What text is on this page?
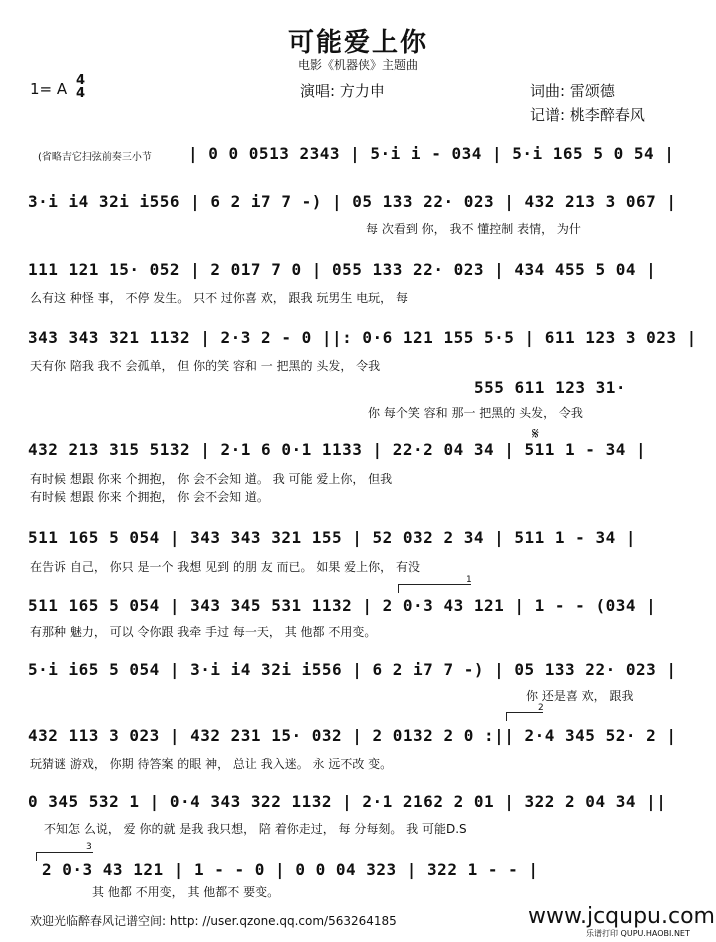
可能爱上你
电影《机器侠》主题曲
1= A 4
4	演唱: 方力申	词曲: 雷颂德
记谱: 桃李醉春风
(省略吉它扫弦前奏三小节 | 0 0 0513 2343 | 5·i i - 034 | 5·i 165 5 0 54 |
3·i i4 32i i556 | 6 2 i7 7 -) | 05 133 22· 023 | 432 213 3 067 |
每 次看到 你， 我不 懂控制 表情， 为什
111 121 15· 052 | 2 017 7 0 | 055 133 22· 023 | 434 455 5 04 |
么有这 种怪 事， 不停 发生。 只不 过你喜 欢， 跟我 玩男生 电玩， 每
343 343 321 1132 | 2·3 2 - 0 ||: 0·6 121 155 5·5 | 611 123 3 023 |
天有你 陪我 我不 会孤单， 但 你的笑 容和 一 把黑的 头发， 令我
555 611 123 31·
你 每个笑 容和 那一 把黑的 头发， 令我
432 213 315 5132 | 2·1 6 0·1 1133 | 22·2 04 34 | 511 1 - 34 |
有时候 想跟 你来 个拥抱， 你 会不会知 道。 我 可能 爱上你， 但我
有时候 想跟 你来 个拥抱， 你 会不会知 道。
511 165 5 054 | 343 343 321 155 | 52 032 2 34 | 511 1 - 34 |
在告诉 自己， 你只 是一个 我想 见到 的朋 友 而已。 如果 爱上你， 有没
511 165 5 054 | 343 345 531 1132 | 2 0·3 43 121 | 1 - - (034 |
有那种 魅力， 可以 令你跟 我牵 手过 每一天， 其 他都 不用变。
5·i i65 5 054 | 3·i i4 32i i556 | 6 2 i7 7 -) | 05 133 22· 023 |
你 还是喜 欢， 跟我
432 113 3 023 | 432 231 15· 032 | 2 0132 2 0 :|| 2·4 345 52· 2 |
玩猜谜 游戏， 你期 待答案 的眼 神， 总让 我入迷。 永 远不改 变。
0 345 532 1 | 0·4 343 322 1132 | 2·1 2162 2 01 | 322 2 04 34 ||
不知怎 么说， 爱 你的就 是我 我只想， 陪 着你走过， 每 分每刻。 我 可能D.S
2 0·3 43 121 | 1 - - 0 | 0 0 04 323 | 322 1 - - |
其 他都 不用变， 其 他都不 要变。
1
2
3
𝄋
欢迎光临醉春风记谱空间: http: //user.qzone.qq.com/563264185	www.jcqupu.com
乐谱打印 QUPU.HAOBI.NET
